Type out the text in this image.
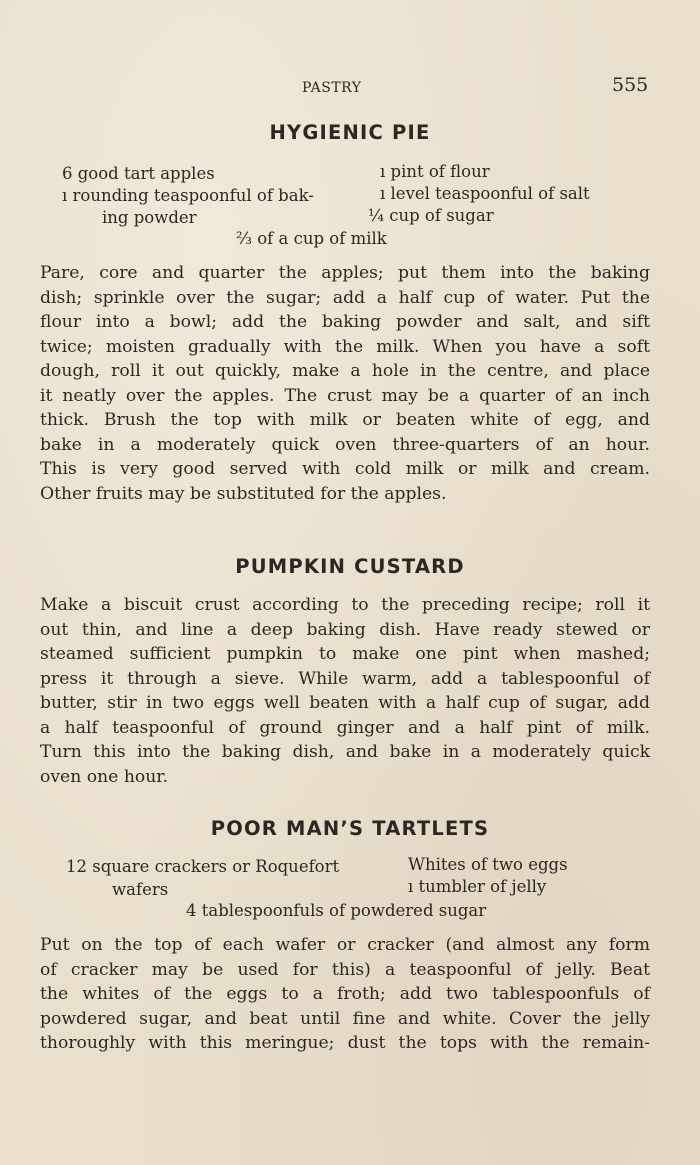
PASTRY	555
HYGIENIC PIE
6 good tart apples
ı rounding teaspoonful of bak-
ing powder
ı pint of flour
ı level teaspoonful of salt
¼ cup of sugar
⅔ of a cup of milk
Pare, core and quarter the apples; put them into the baking
dish; sprinkle over the sugar; add a half cup of water. Put the
flour into a bowl; add the baking powder and salt, and sift
twice; moisten gradually with the milk. When you have a soft
dough, roll it out quickly, make a hole in the centre, and place
it neatly over the apples. The crust may be a quarter of an inch
thick. Brush the top with milk or beaten white of egg, and
bake in a moderately quick oven three-quarters of an hour.
This is very good served with cold milk or milk and cream.
Other fruits may be substituted for the apples.
PUMPKIN CUSTARD
Make a biscuit crust according to the preceding recipe; roll it
out thin, and line a deep baking dish. Have ready stewed or
steamed sufficient pumpkin to make one pint when mashed;
press it through a sieve. While warm, add a tablespoonful of
butter, stir in two eggs well beaten with a half cup of sugar, add
a half teaspoonful of ground ginger and a half pint of milk.
Turn this into the baking dish, and bake in a moderately quick
oven one hour.
POOR MAN’S TARTLETS
12 square crackers or Roquefort
wafers
Whites of two eggs
ı tumbler of jelly
4 tablespoonfuls of powdered sugar
Put on the top of each wafer or cracker (and almost any form
of cracker may be used for this) a teaspoonful of jelly. Beat
the whites of the eggs to a froth; add two tablespoonfuls of
powdered sugar, and beat until fine and white. Cover the jelly
thoroughly with this meringue; dust the tops with the remain-
